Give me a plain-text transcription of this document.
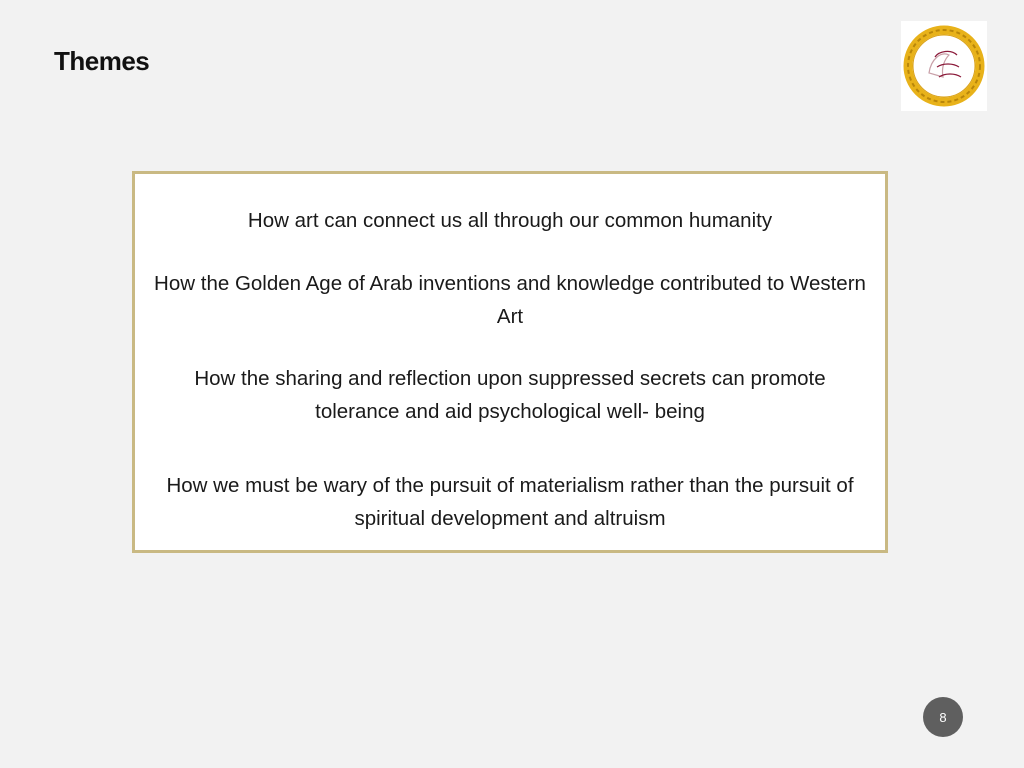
Themes

How art can connect us all through our common humanity

How the Golden Age of Arab inventions and knowledge contributed to Western Art

How the sharing and reflection upon suppressed secrets can promote tolerance and aid psychological well- being

How we must be wary of the pursuit of materialism rather than the pursuit of spiritual development and altruism

8
